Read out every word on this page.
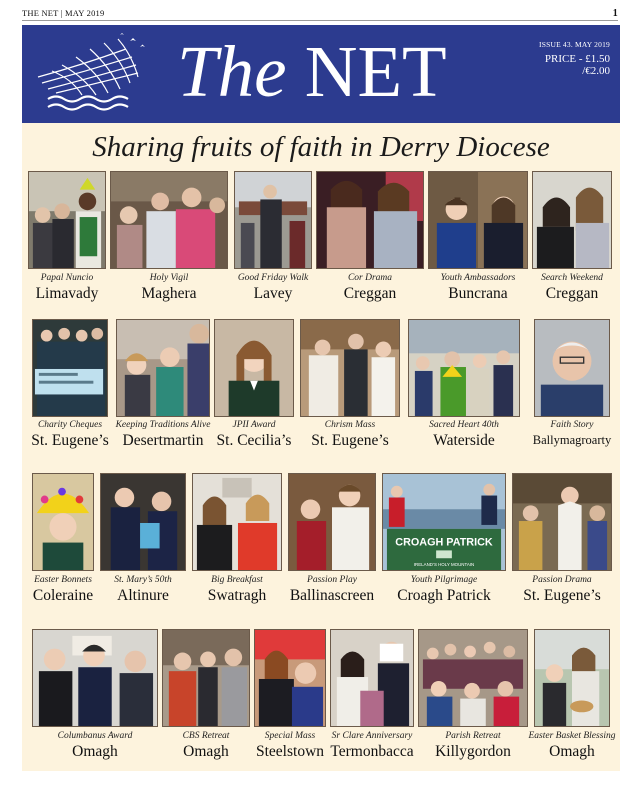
THE NET | MAY 2019	1
The NET	ISSUE 43. MAY 2019
PRICE - £1.50
/€2.00
Sharing fruits of faith in Derry Diocese
CROAGH PATRICK
IRELAND’S HOLY MOUNTAIN
Papal Nuncio
Limavady
Holy Vigil
Maghera
Good Friday Walk
Lavey
Cor Drama
Creggan
Youth Ambassadors
Buncrana
Search Weekend
Creggan
Charity Cheques
St. Eugene’s
Keeping Traditions Alive
Desertmartin
JPII Award
St. Cecilia’s
Chrism Mass
St. Eugene’s
Sacred Heart 40th
Waterside
Faith Story
Ballymagroarty
Easter Bonnets
Coleraine
St. Mary’s 50th
Altinure
Big Breakfast
Swatragh
Passion Play
Ballinascreen
Youth Pilgrimage
Croagh Patrick
Passion Drama
St. Eugene’s
Columbanus Award
Omagh
CBS Retreat
Omagh
Special Mass
Steelstown
Sr Clare Anniversary
Termonbacca
Parish Retreat
Killygordon
Easter Basket Blessing
Omagh
